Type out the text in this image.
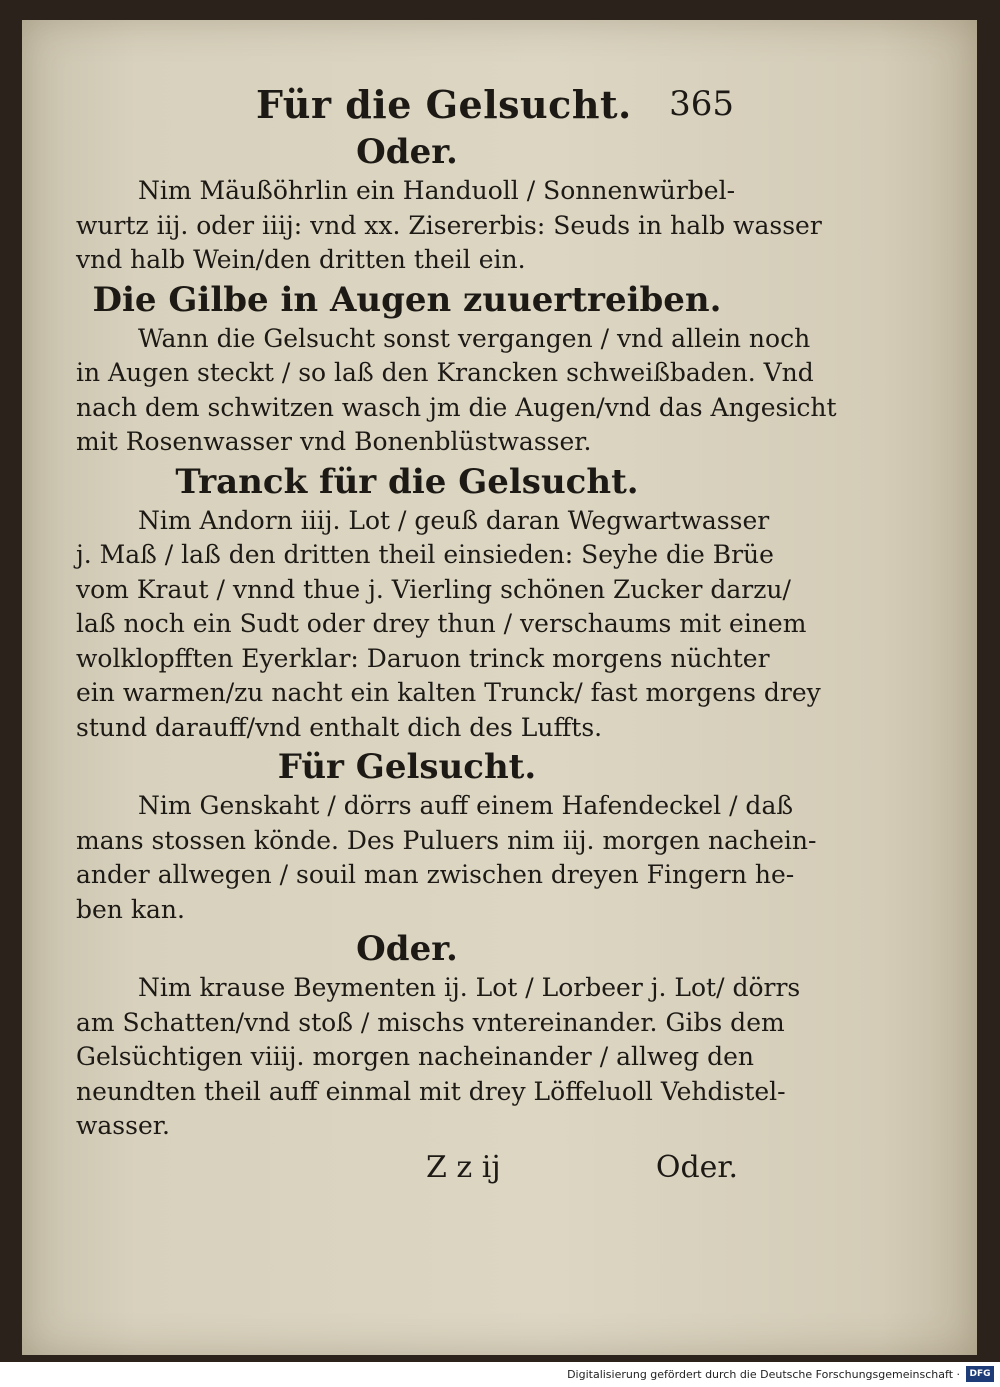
Für die Gelsucht. 365
Oder.

Nim Mäußöhrlin ein Handuoll / Sonnenwürbel-
wurtz iij. oder iiij: vnd xx. Zisererbis: Seuds in halb wasser
vnd halb Wein/den dritten theil ein.

Die Gilbe in Augen zuuertreiben.

Wann die Gelsucht sonst vergangen / vnd allein noch
in Augen steckt / so laß den Krancken schweißbaden. Vnd
nach dem schwitzen wasch jm die Augen/vnd das Angesicht
mit Rosenwasser vnd Bonenblüstwasser.

Tranck für die Gelsucht.

Nim Andorn iiij. Lot / geuß daran Wegwartwasser
j. Maß / laß den dritten theil einsieden: Seyhe die Brüe
vom Kraut / vnnd thue j. Vierling schönen Zucker darzu/
laß noch ein Sudt oder drey thun / verschaums mit einem
wolklopfften Eyerklar: Daruon trinck morgens nüchter
ein warmen/zu nacht ein kalten Trunck/ fast morgens drey
stund darauff/vnd enthalt dich des Luffts.

Für Gelsucht.

Nim Genskaht / dörrs auff einem Hafendeckel / daß
mans stossen könde. Des Puluers nim iij. morgen nachein-
ander allwegen / souil man zwischen dreyen Fingern he-
ben kan.

Oder.

Nim krause Beymenten ij. Lot / Lorbeer j. Lot/ dörrs
am Schatten/vnd stoß / mischs vntereinander. Gibs dem
Gelsüchtigen viiij. morgen nacheinander / allweg den
neundten theil auff einmal mit drey Löffeluoll Vehdistel-
wasser.

Z z ij	Oder.
Digitalisierung gefördert durch die Deutsche Forschungsgemeinschaft ·	DFG
